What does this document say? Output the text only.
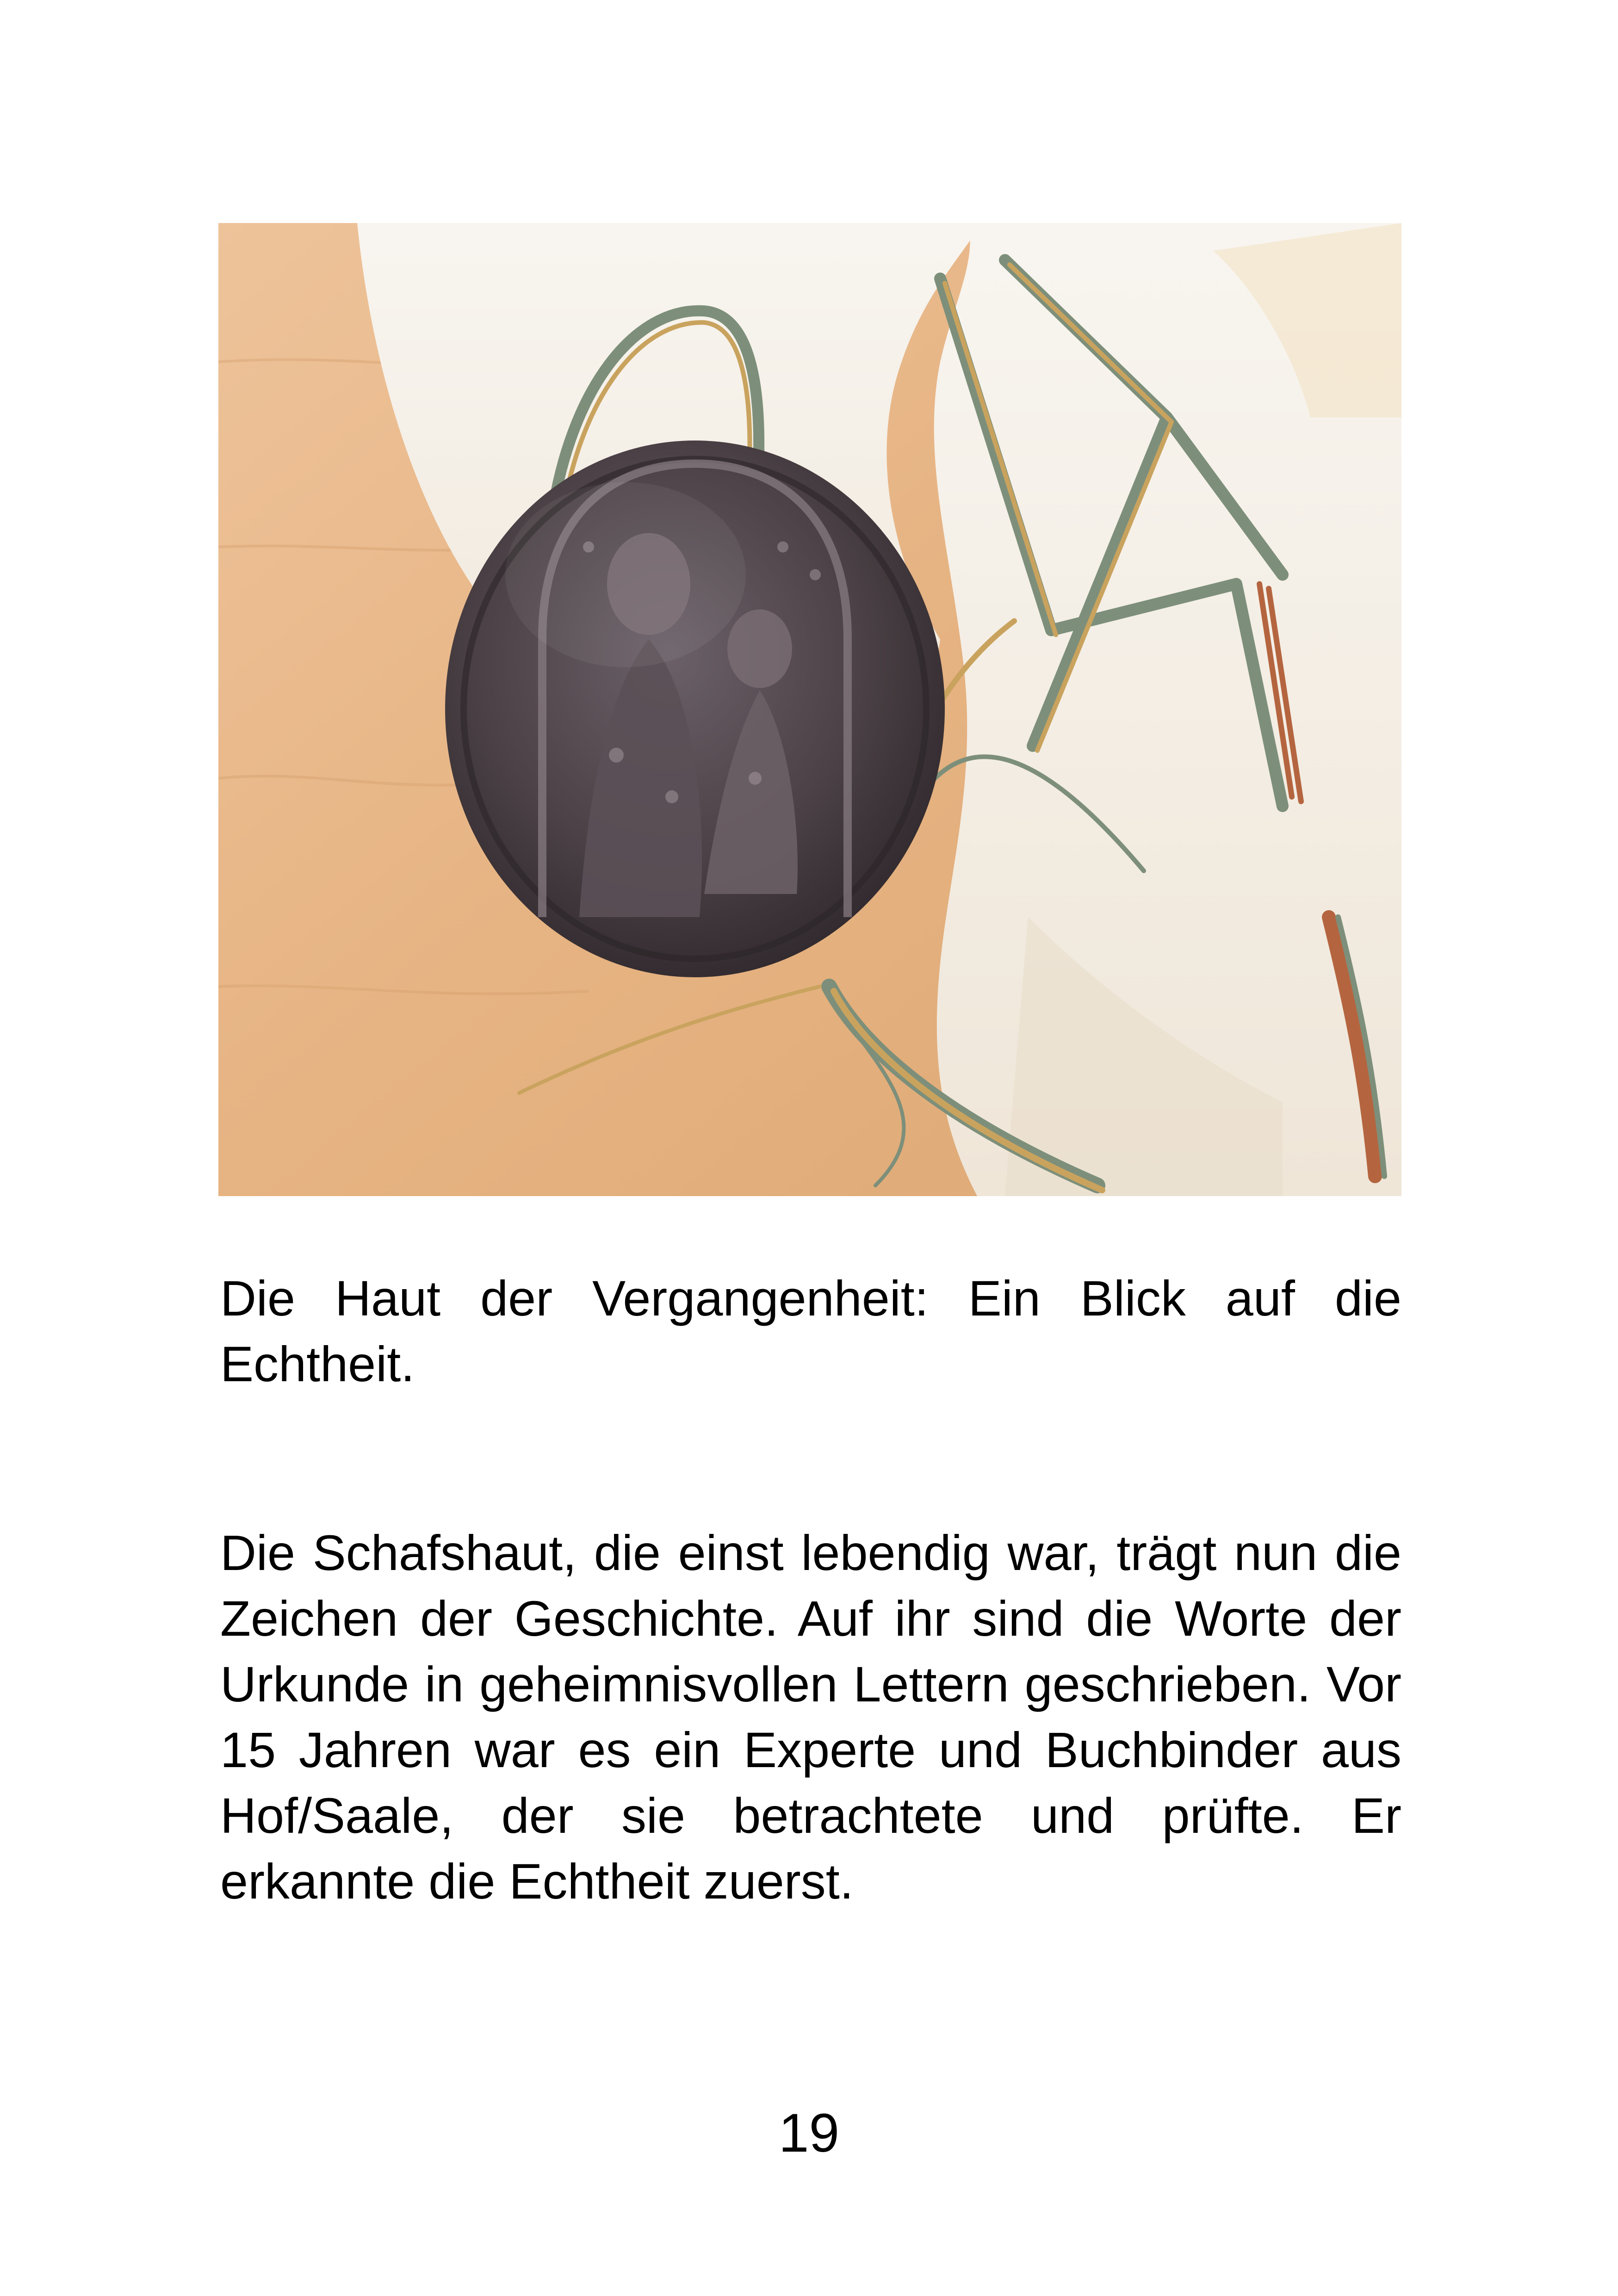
Die Haut der Vergangenheit: Ein Blick auf die Echtheit.

Die Schafshaut, die einst lebendig war, trägt nun die Zeichen der Geschichte. Auf ihr sind die Worte der Urkunde in geheimnisvollen Lettern geschrieben. Vor 15 Jahren war es ein Experte und Buchbinder aus Hof/Saale, der sie betrachtete und prüfte. Er erkannte die Echtheit zuerst.

19
